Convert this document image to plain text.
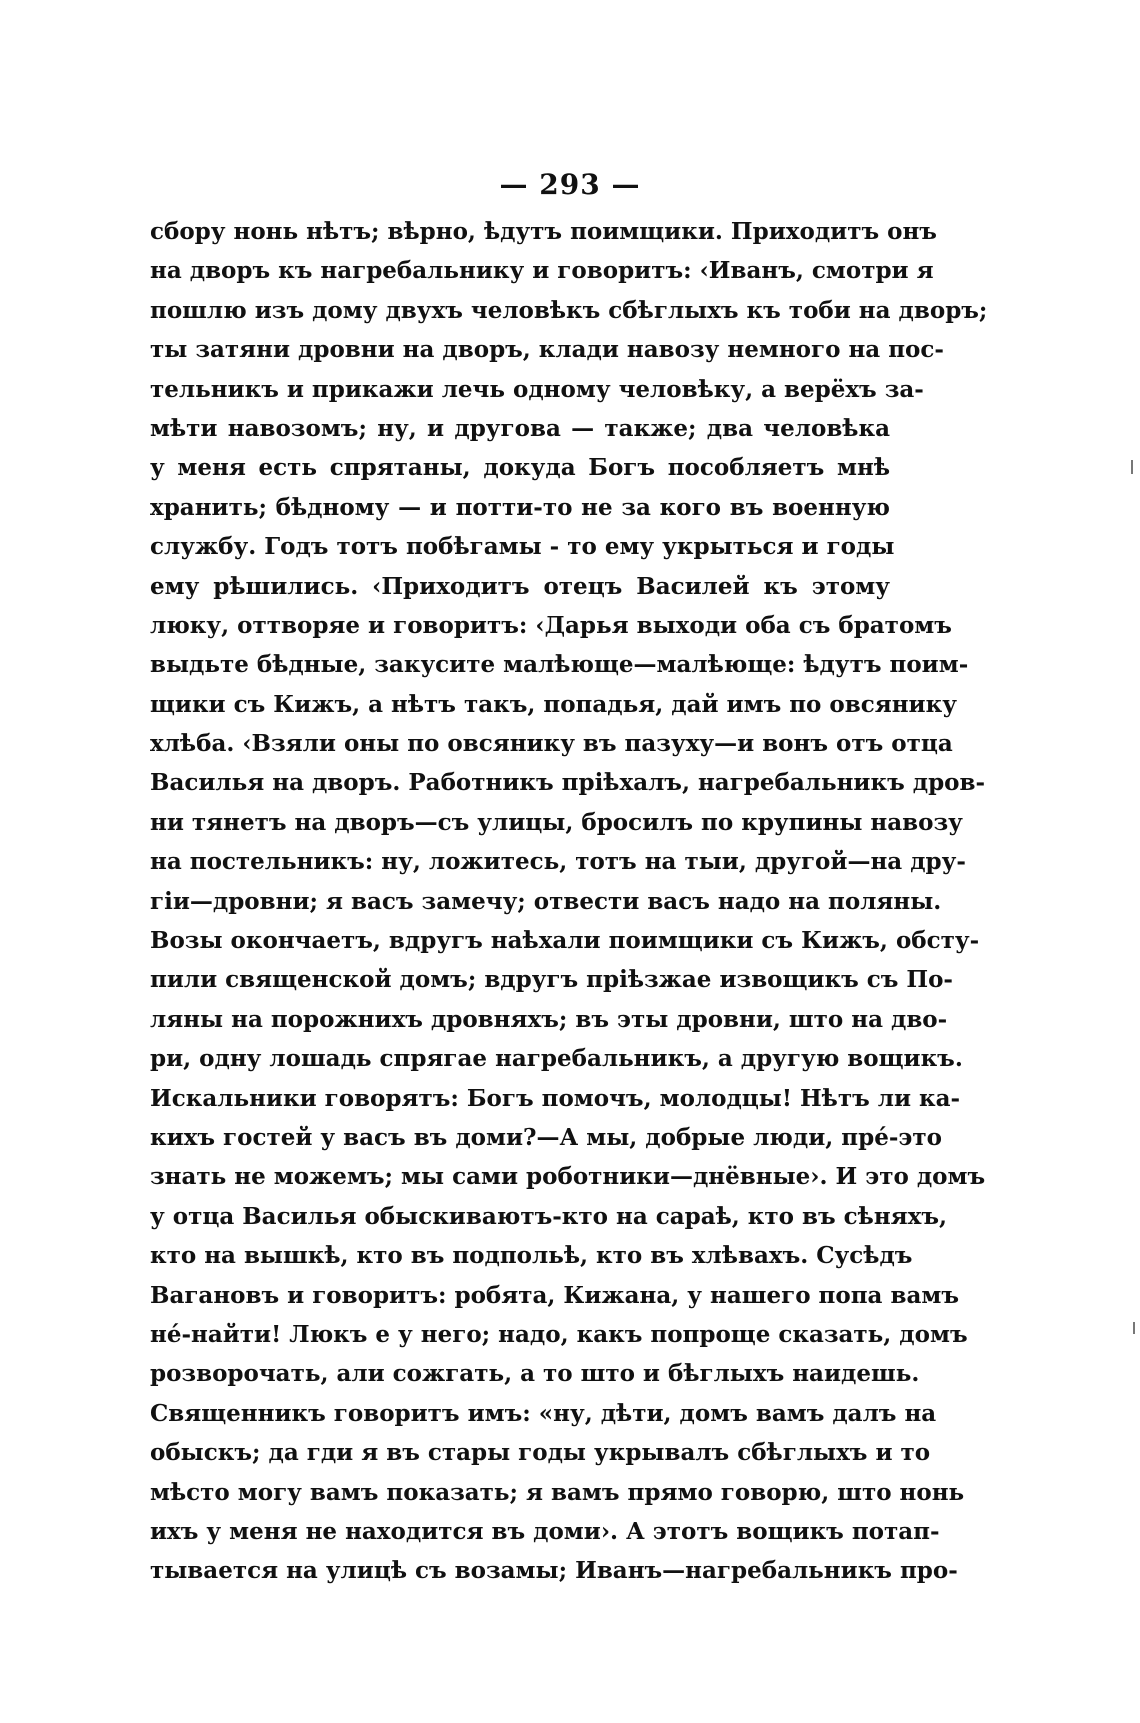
— 293 —
сбору нонь нѣтъ; вѣрно, ѣдутъ поимщики. Приходитъ онъ
на дворъ къ нагребальнику и говоритъ: ‹Иванъ, смотри я
пошлю изъ дому двухъ человѣкъ сбѣглыхъ къ тоби на дворъ;
ты затяни дровни на дворъ, клади навозу немного на пос-
тельникъ и прикажи лечь одному человѣку, а верёхъ за-
мѣти навозомъ; ну, и другова — также; два человѣка
у меня есть спрятаны, докуда Богъ пособляетъ мнѣ
хранить; бѣдному — и потти-то не за кого въ военную
службу. Годъ тотъ побѣгамы - то ему укрыться и годы
ему рѣшились. ‹Приходитъ отецъ Василей къ этому
люку, оттворяе и говоритъ: ‹Дарья выходи оба съ братомъ
выдьте бѣдные, закусите малѣюще—малѣюще: ѣдутъ поим-
щики съ Кижъ, а нѣтъ такъ, попадья, дай имъ по овсянику
хлѣба. ‹Взяли оны по овсянику въ пазуху—и вонъ отъ отца
Василья на дворъ. Работникъ прiѣхалъ, нагребальникъ дров-
ни тянетъ на дворъ—съ улицы, бросилъ по крупины навозу
на постельникъ: ну, ложитесь, тотъ на тыи, другой—на дру-
гiи—дровни; я васъ замечу; отвести васъ надо на поляны.
Возы окончаетъ, вдругъ наѣхали поимщики съ Кижъ, обсту-
пили священской домъ; вдругъ прiѣзжае извощикъ съ По-
ляны на порожнихъ дровняхъ; въ эты дровни, што на дво-
ри, одну лошадь спрягае нагребальникъ, а другую вощикъ.
Искальники говорятъ: Богъ помочъ, молодцы! Нѣтъ ли ка-
кихъ гостей у васъ въ доми?—А мы, добрые люди, прé-это
знать не можемъ; мы сами роботники—днёвные›. И это домъ
у отца Василья обыскиваютъ-кто на сараѣ, кто въ сѣняхъ,
кто на вышкѣ, кто въ подпольѣ, кто въ хлѣвахъ. Сусѣдъ
Вагановъ и говоритъ: робята, Кижана, у нашего попа вамъ
нé-найти! Люкъ е у него; надо, какъ попроще сказать, домъ
розворочать, али сожгать, а то што и бѣглыхъ наидешь.
Священникъ говоритъ имъ: «ну, дѣти, домъ вамъ далъ на
обыскъ; да гди я въ стары годы укрывалъ сбѣглыхъ и то
мѣсто могу вамъ показать; я вамъ прямо говорю, што нонь
ихъ у меня не находится въ доми›. А этотъ вощикъ потап-
тывается на улицѣ съ возамы; Иванъ—нагребальникъ про-
